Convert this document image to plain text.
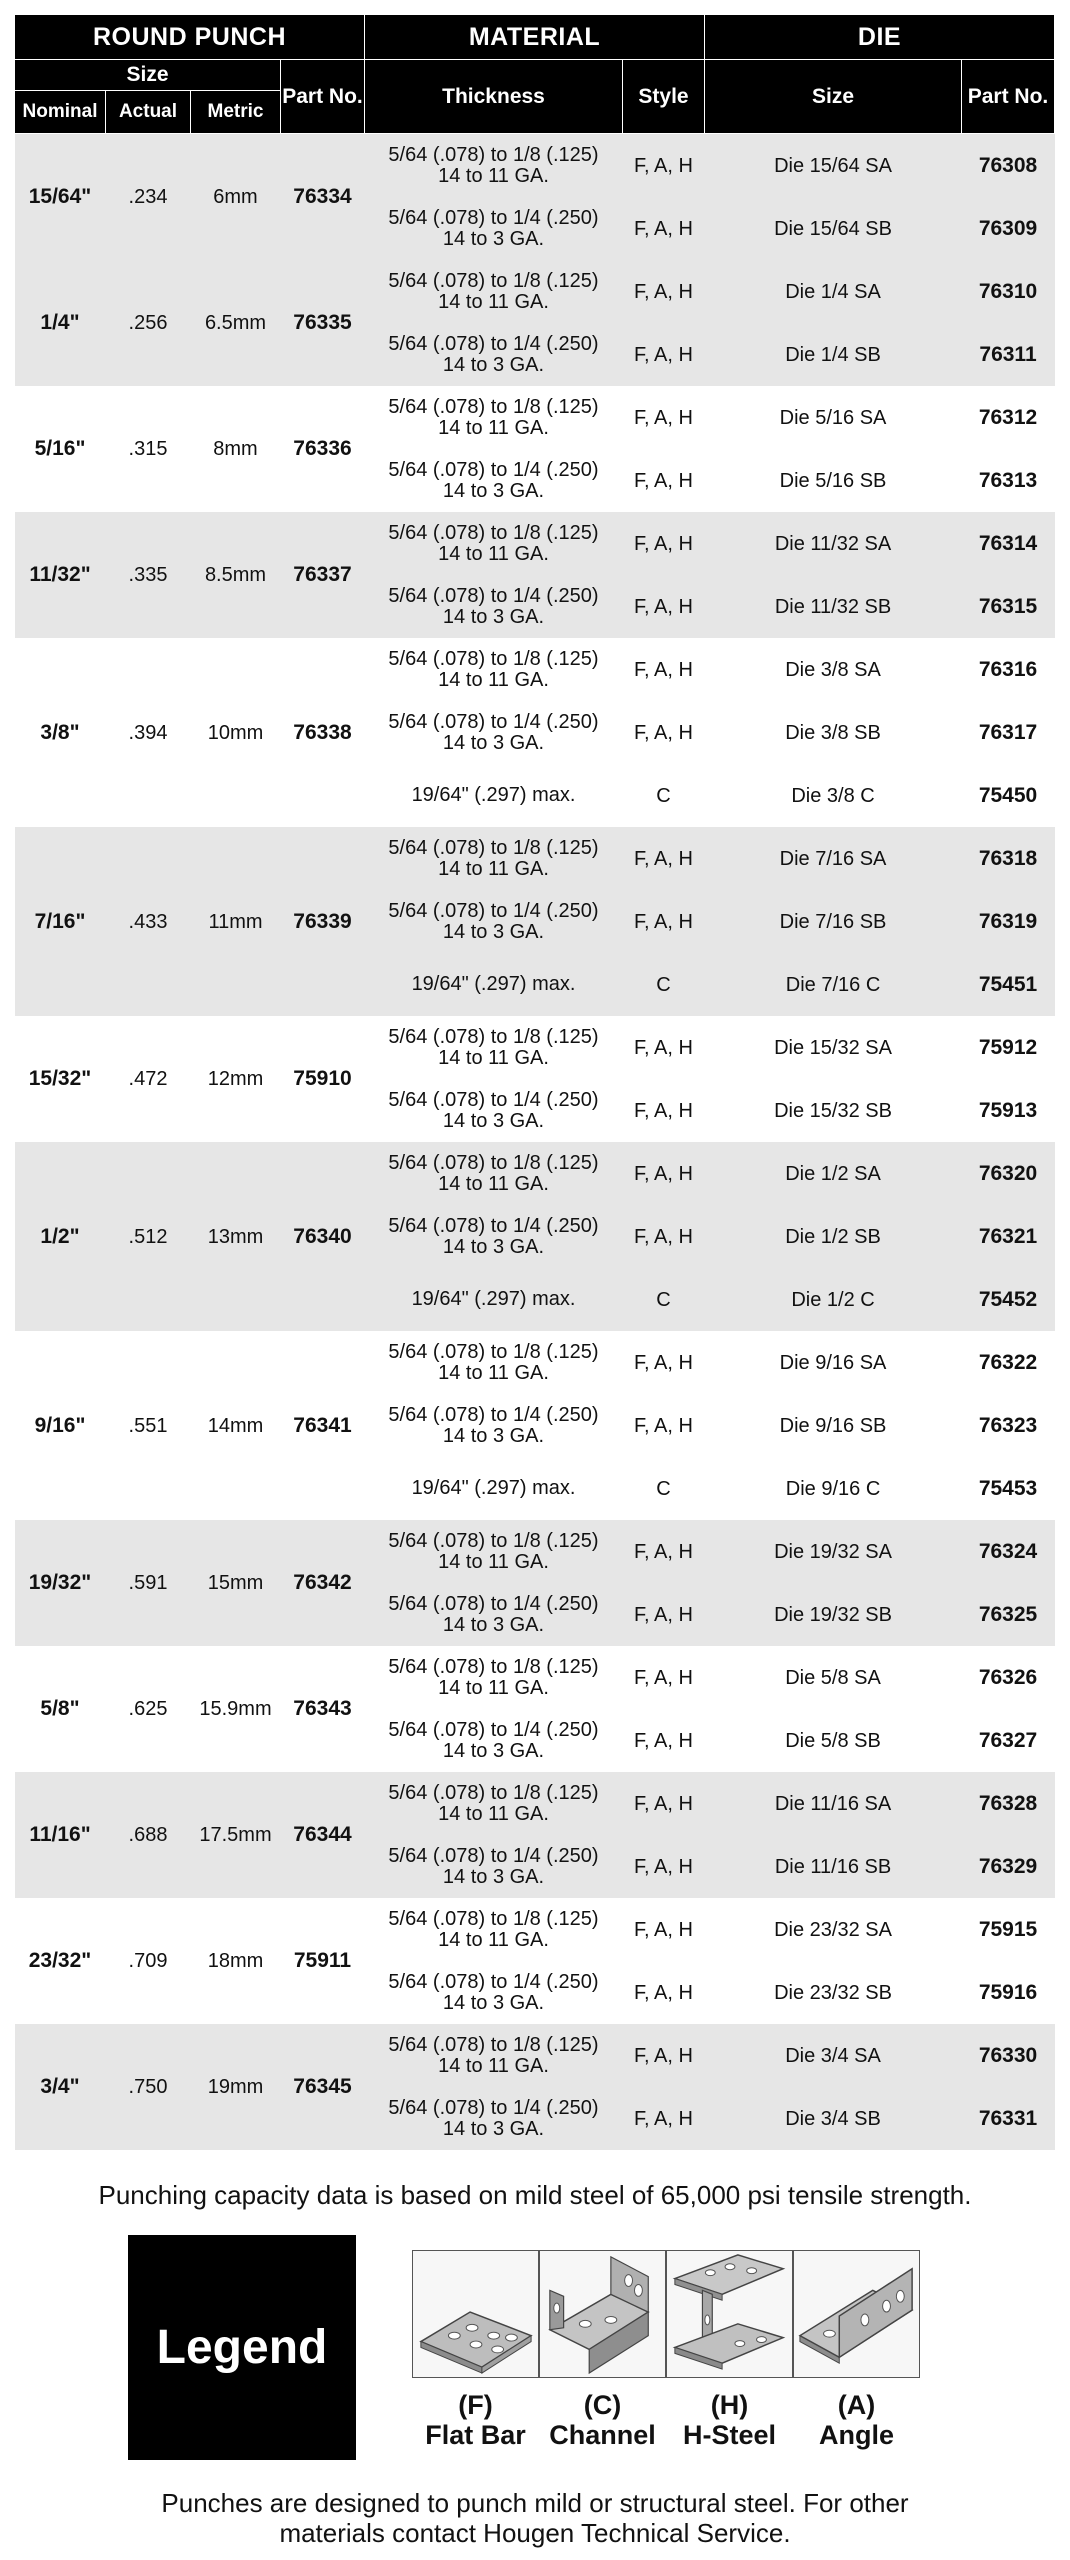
ROUND PUNCH				MATERIAL		DIE	
Size			Part No.	Thickness	Style	Size	Part No.
Nominal	Actual	Metric					
15/64"	.234	6mm	76334	5/64 (.078) to 1/8 (.125)
14 to 11 GA.	F, A, H	Die 15/64 SA	76308
				5/64 (.078) to 1/4 (.250)
14 to 3 GA.	F, A, H	Die 15/64 SB	76309
1/4"	.256	6.5mm	76335	5/64 (.078) to 1/8 (.125)
14 to 11 GA.	F, A, H	Die 1/4 SA	76310
				5/64 (.078) to 1/4 (.250)
14 to 3 GA.	F, A, H	Die 1/4 SB	76311
5/16"	.315	8mm	76336	5/64 (.078) to 1/8 (.125)
14 to 11 GA.	F, A, H	Die 5/16 SA	76312
				5/64 (.078) to 1/4 (.250)
14 to 3 GA.	F, A, H	Die 5/16 SB	76313
11/32"	.335	8.5mm	76337	5/64 (.078) to 1/8 (.125)
14 to 11 GA.	F, A, H	Die 11/32 SA	76314
				5/64 (.078) to 1/4 (.250)
14 to 3 GA.	F, A, H	Die 11/32 SB	76315
3/8"	.394	10mm	76338	5/64 (.078) to 1/8 (.125)
14 to 11 GA.	F, A, H	Die 3/8 SA	76316
				5/64 (.078) to 1/4 (.250)
14 to 3 GA.	F, A, H	Die 3/8 SB	76317
				19/64" (.297) max.	C	Die 3/8 C	75450
7/16"	.433	11mm	76339	5/64 (.078) to 1/8 (.125)
14 to 11 GA.	F, A, H	Die 7/16 SA	76318
				5/64 (.078) to 1/4 (.250)
14 to 3 GA.	F, A, H	Die 7/16 SB	76319
				19/64" (.297) max.	C	Die 7/16 C	75451
15/32"	.472	12mm	75910	5/64 (.078) to 1/8 (.125)
14 to 11 GA.	F, A, H	Die 15/32 SA	75912
				5/64 (.078) to 1/4 (.250)
14 to 3 GA.	F, A, H	Die 15/32 SB	75913
1/2"	.512	13mm	76340	5/64 (.078) to 1/8 (.125)
14 to 11 GA.	F, A, H	Die 1/2 SA	76320
				5/64 (.078) to 1/4 (.250)
14 to 3 GA.	F, A, H	Die 1/2 SB	76321
				19/64" (.297) max.	C	Die 1/2 C	75452
9/16"	.551	14mm	76341	5/64 (.078) to 1/8 (.125)
14 to 11 GA.	F, A, H	Die 9/16 SA	76322
				5/64 (.078) to 1/4 (.250)
14 to 3 GA.	F, A, H	Die 9/16 SB	76323
				19/64" (.297) max.	C	Die 9/16 C	75453
19/32"	.591	15mm	76342	5/64 (.078) to 1/8 (.125)
14 to 11 GA.	F, A, H	Die 19/32 SA	76324
				5/64 (.078) to 1/4 (.250)
14 to 3 GA.	F, A, H	Die 19/32 SB	76325
5/8"	.625	15.9mm	76343	5/64 (.078) to 1/8 (.125)
14 to 11 GA.	F, A, H	Die 5/8 SA	76326
				5/64 (.078) to 1/4 (.250)
14 to 3 GA.	F, A, H	Die 5/8 SB	76327
11/16"	.688	17.5mm	76344	5/64 (.078) to 1/8 (.125)
14 to 11 GA.	F, A, H	Die 11/16 SA	76328
				5/64 (.078) to 1/4 (.250)
14 to 3 GA.	F, A, H	Die 11/16 SB	76329
23/32"	.709	18mm	75911	5/64 (.078) to 1/8 (.125)
14 to 11 GA.	F, A, H	Die 23/32 SA	75915
				5/64 (.078) to 1/4 (.250)
14 to 3 GA.	F, A, H	Die 23/32 SB	75916
3/4"	.750	19mm	76345	5/64 (.078) to 1/8 (.125)
14 to 11 GA.	F, A, H	Die 3/4 SA	76330
				5/64 (.078) to 1/4 (.250)
14 to 3 GA.	F, A, H	Die 3/4 SB	76331
Punching capacity data is based on mild steel of 65,000 psi tensile strength.
Legend
(F)
Flat Bar
(C)
Channel
(H)
H-Steel
(A)
Angle
Punches are designed to punch mild or structural steel. For other
materials contact Hougen Technical Service.
